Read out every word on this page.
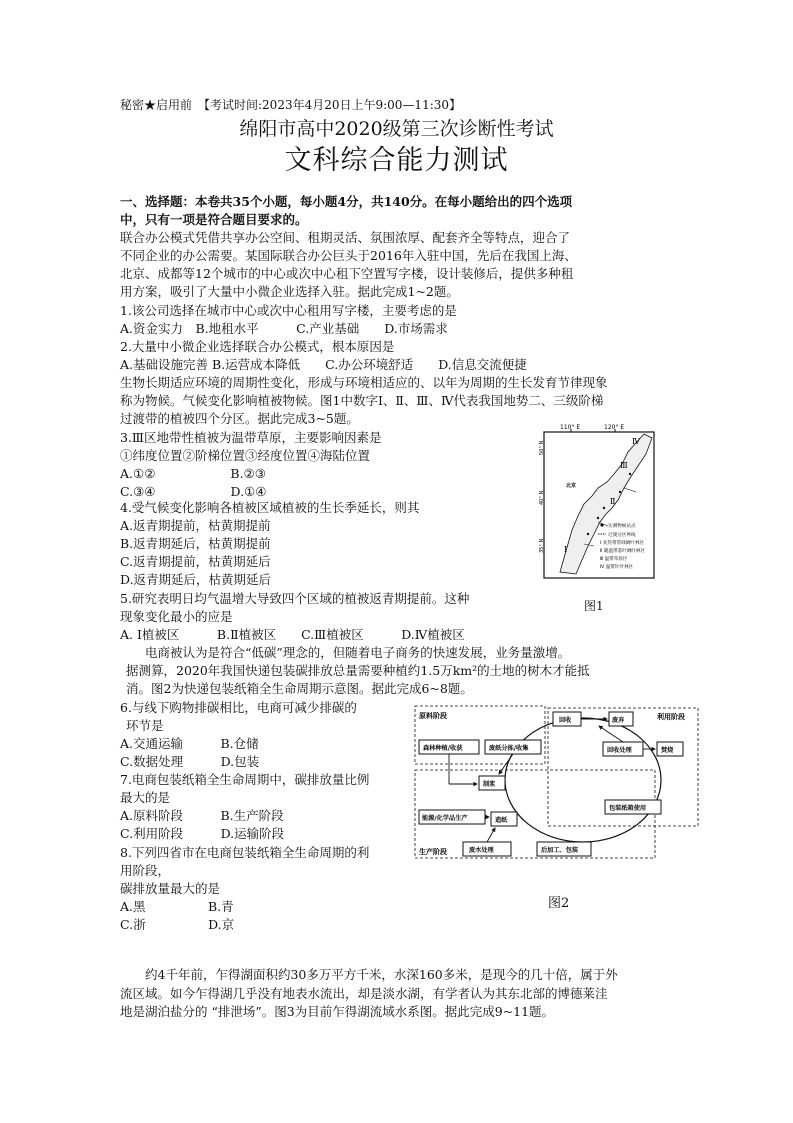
秘密★启用前　【考试时间:2023年4月20日上午9:00—11:30】
绵阳市高中2020级第三次诊断性考试
文科综合能力测试
一、选择题：本卷共35个小题，每小题4分，共140分。在每小题给出的四个选项
中，只有一项是符合题目要求的。
联合办公模式凭借共享办公空间、租期灵活、氛围浓厚、配套齐全等特点，迎合了
不同企业的办公需要。某国际联合办公巨头于2016年入驻中国，先后在我国上海、
北京、成都等12个城市的中心或次中心租下空置写字楼，设计装修后，提供多种租
用方案，吸引了大量中小微企业选择入驻。据此完成1~2题。
1.该公司选择在城市中心或次中心租用写字楼，主要考虑的是
A.资金实力　B.地租水平　　　C.产业基础　　D.市场需求
2.大量中小微企业选择联合办公模式，根本原因是
A.基础设施完善 B.运营成本降低　　C.办公环境舒适　　D.信息交流便捷
生物长期适应环境的周期性变化，形成与环境相适应的、以年为周期的生长发育节律现象
称为物候。气候变化影响植被物候。图1中数字Ⅰ、Ⅱ、Ⅲ、Ⅳ代表我国地势二、三级阶梯
过渡带的植被四个分区。据此完成3~5题。
3.Ⅲ区地带性植被为温带草原，主要影响因素是
①纬度位置②阶梯位置③经度位置④海陆位置
A.①②　　　　　　B.②③
C.③④　　　　　　D.①④
4.受气候变化影响各植被区域植被的生长季延长，则其
A.返青期提前，枯黄期提前
B.返青期延后，枯黄期提前
C.返青期提前，枯黄期延后
D.返青期延后，枯黄期延后
5.研究表明日均气温增大导致四个区域的植被返青期提前。这种
现象变化最小的应是
A. Ⅰ植被区　　　B.Ⅱ植被区　　C.Ⅲ植被区　　　D.Ⅳ植被区
　　电商被认为是符合“低碳”理念的，但随着电子商务的快速发展，业务量激增。
据测算，2020年我国快递包装碳排放总量需要种植约1.5万km²的土地的树木才能抵
消。图2为快递包装纸箱全生命周期示意图。据此完成6~8题。
6.与线下购物排碳相比，电商可减少排碳的
环节是
A.交通运输　　　B.仓储
C.数据处理　　　D.包装
7.电商包装纸箱全生命周期中，碳排放量比例
最大的是
A.原料阶段　　　B.生产阶段
C.利用阶段　　　D.运输阶段
8.下列四省市在电商包装纸箱全生命周期的利
用阶段，
碳排放量最大的是
A.黑　　　　　B.青
C.浙　　　　　D.京
　　约4千年前，乍得湖面积约30多万平方千米，水深160多米，是现今的几十倍，属于外
流区域。如今乍得湖几乎没有地表水流出，却是淡水湖，有学者认为其东北部的博德莱洼
地是湖泊盐分的 “排泄场”。图3为目前乍得湖流域水系图。据此完成9~11题。
110° E	120° E
50° N
40° N
35° N
Ⅳ
Ⅲ
Ⅱ
Ⅰ
北京
实测物候站点
过渡分区界线
Ⅰ 亚热带常绿阔叶林区
Ⅱ 暖温带落叶阔叶林区
Ⅲ 温带草原区
Ⅳ 温带针叶林区
图1
原料阶段	利用阶段
生产阶段
森林种植/收获	废纸分拣/收集
回收	废弃
回收处理	焚烧
制浆
能源/化学品生产	造纸
废水处理	后加工、包装
包装纸箱使用
图2
